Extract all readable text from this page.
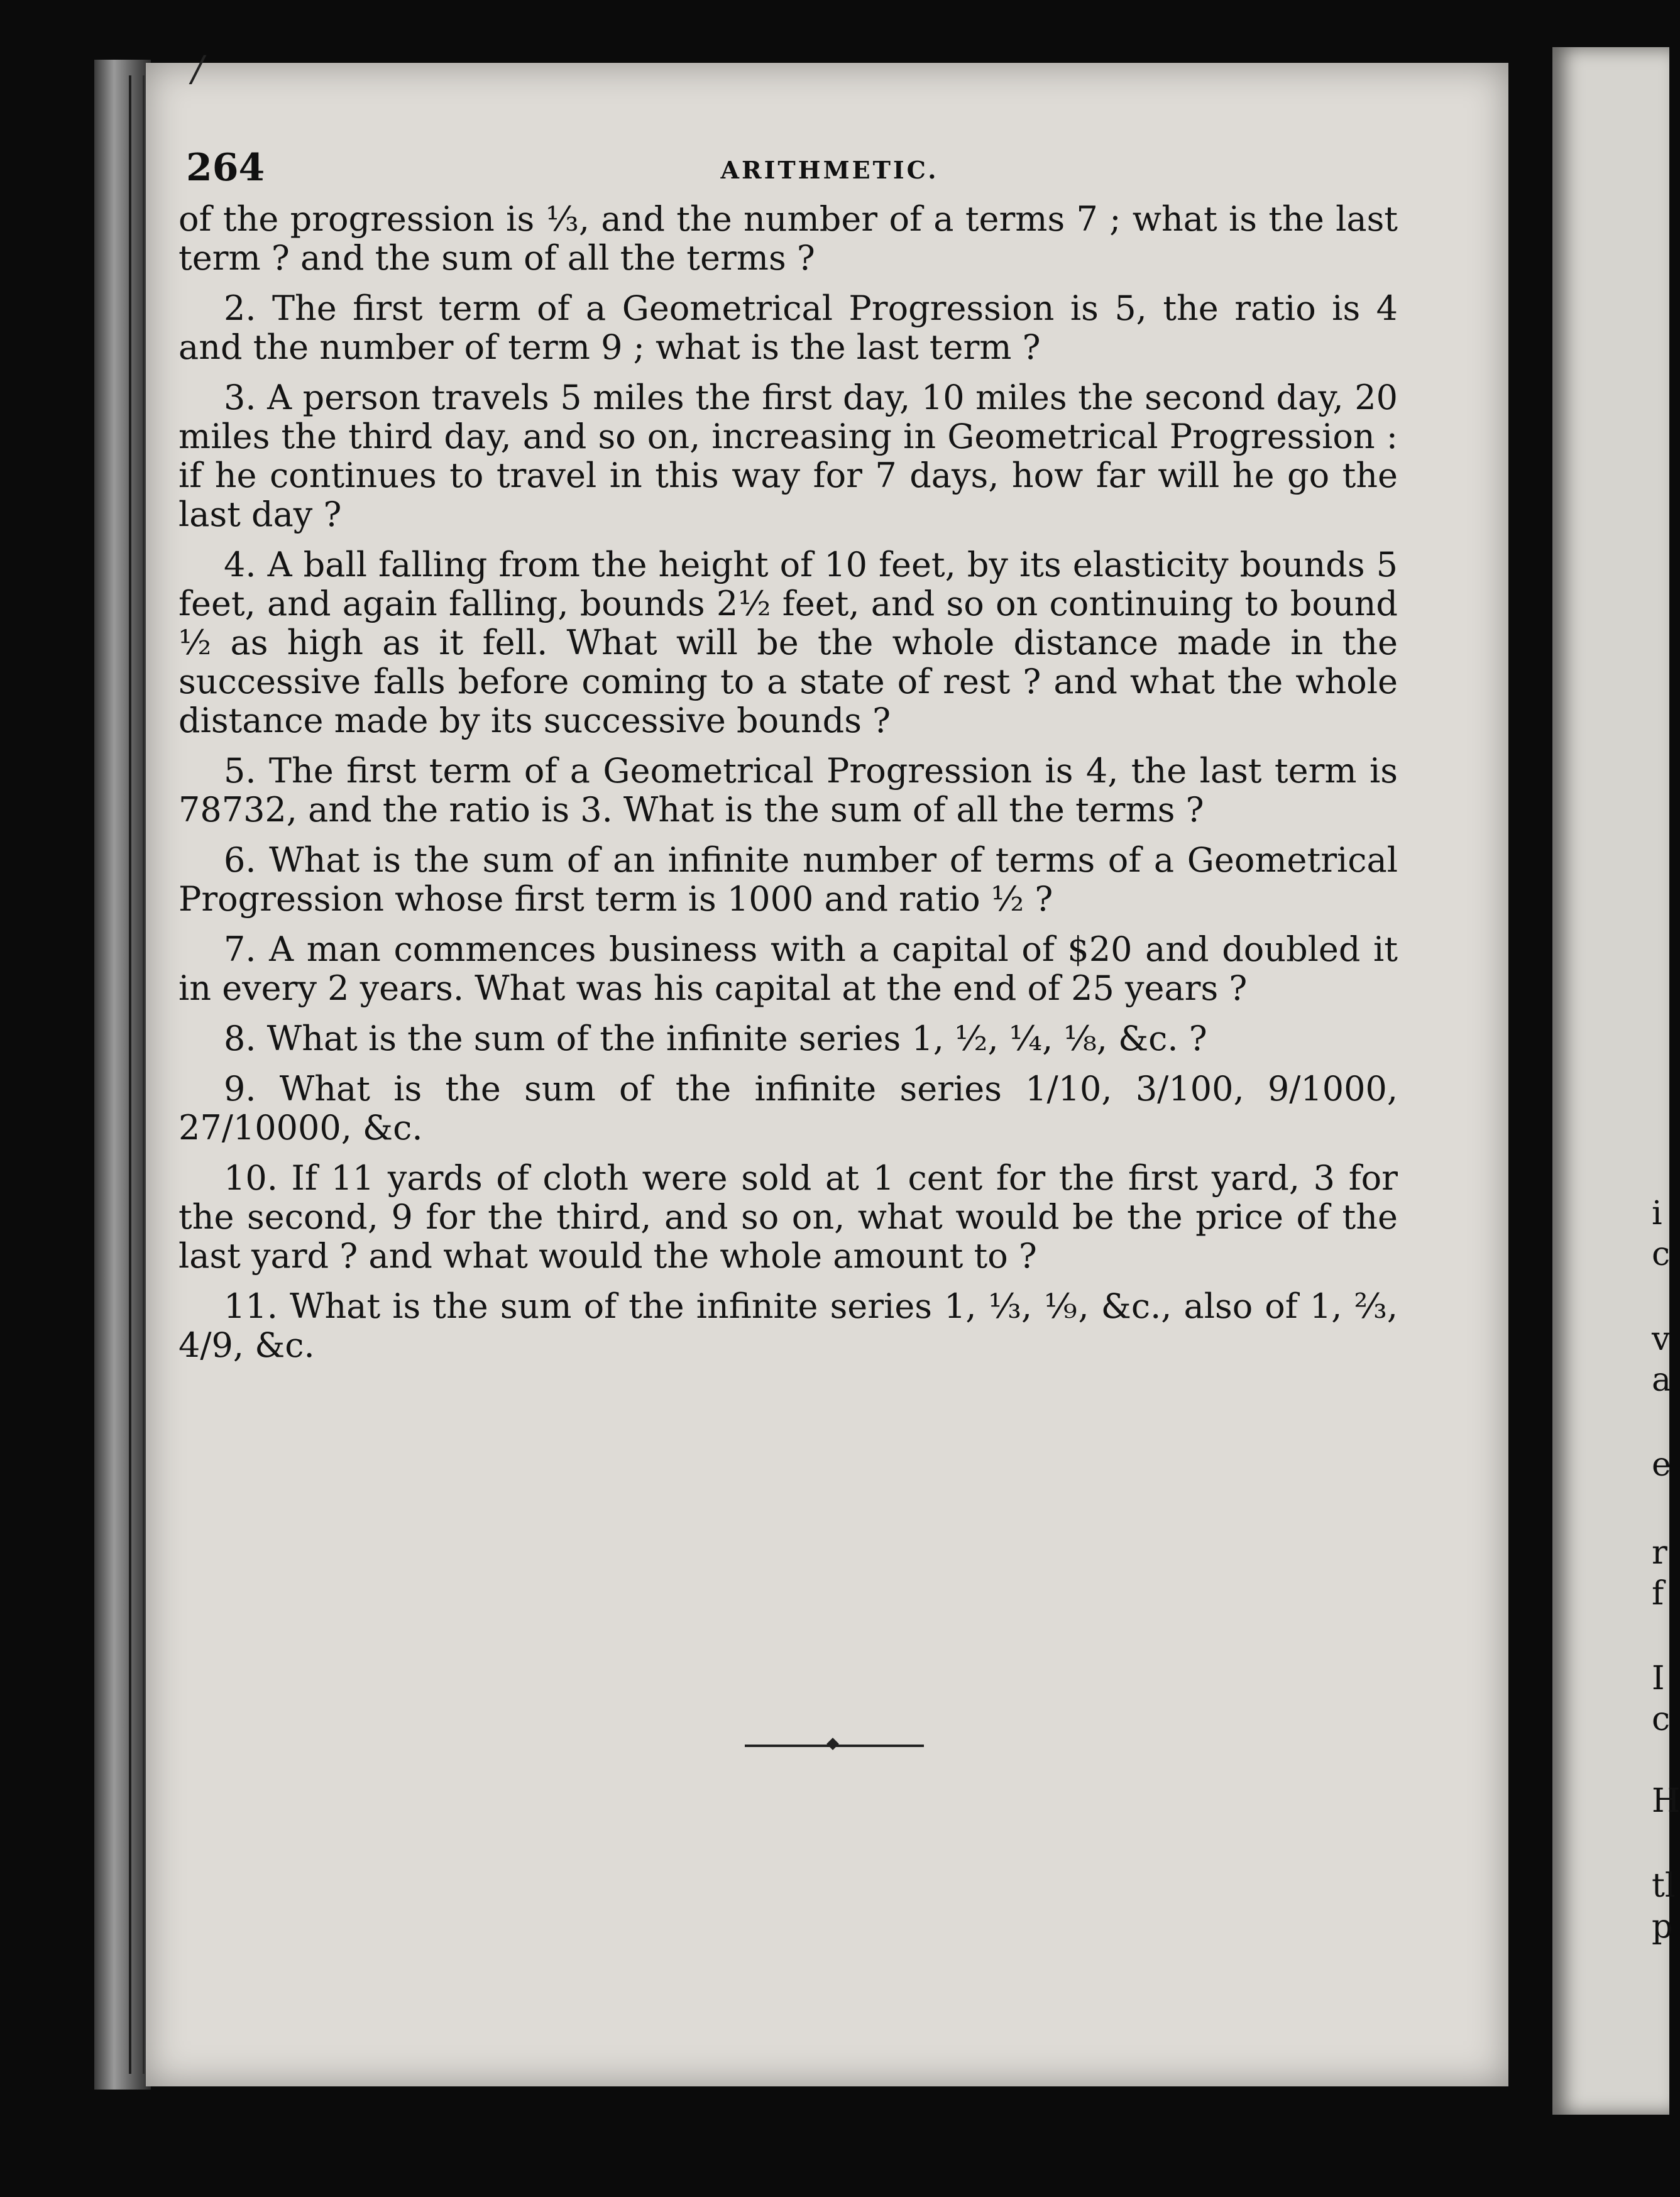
/
264	ARITHMETIC.

of the progression is ⅓, and the number of a terms 7 ; what is the last term ? and the sum of all the terms ?

2. The first term of a Geometrical Progression is 5, the ratio is 4 and the number of term 9 ; what is the last term ?

3. A person travels 5 miles the first day, 10 miles the second day, 20 miles the third day, and so on, increasing in Geometrical Progression : if he continues to travel in this way for 7 days, how far will he go the last day ?

4. A ball falling from the height of 10 feet, by its elasticity bounds 5 feet, and again falling, bounds 2½ feet, and so on continuing to bound ½ as high as it fell. What will be the whole distance made in the successive falls before coming to a state of rest ? and what the whole distance made by its successive bounds ?

5. The first term of a Geometrical Progression is 4, the last term is 78732, and the ratio is 3. What is the sum of all the terms ?

6. What is the sum of an infinite number of terms of a Geometrical Progression whose first term is 1000 and ratio ½ ?

7. A man commences business with a capital of $20 and doubled it in every 2 years. What was his capital at the end of 25 years ?

8. What is the sum of the infinite series 1, ½, ¼, ⅛, &c. ?

9. What is the sum of the infinite series 1/10, 3/100, 9/1000, 27/10000, &c.

10. If 11 yards of cloth were sold at 1 cent for the first yard, 3 for the second, 9 for the third, and so on, what would be the price of the last yard ? and what would the whole amount to ?

11. What is the sum of the infinite series 1, ⅓, ⅑, &c., also of 1, ⅔, 4/9, &c.

i
c
v
a
e
r
f
I
c
H
tl
p
